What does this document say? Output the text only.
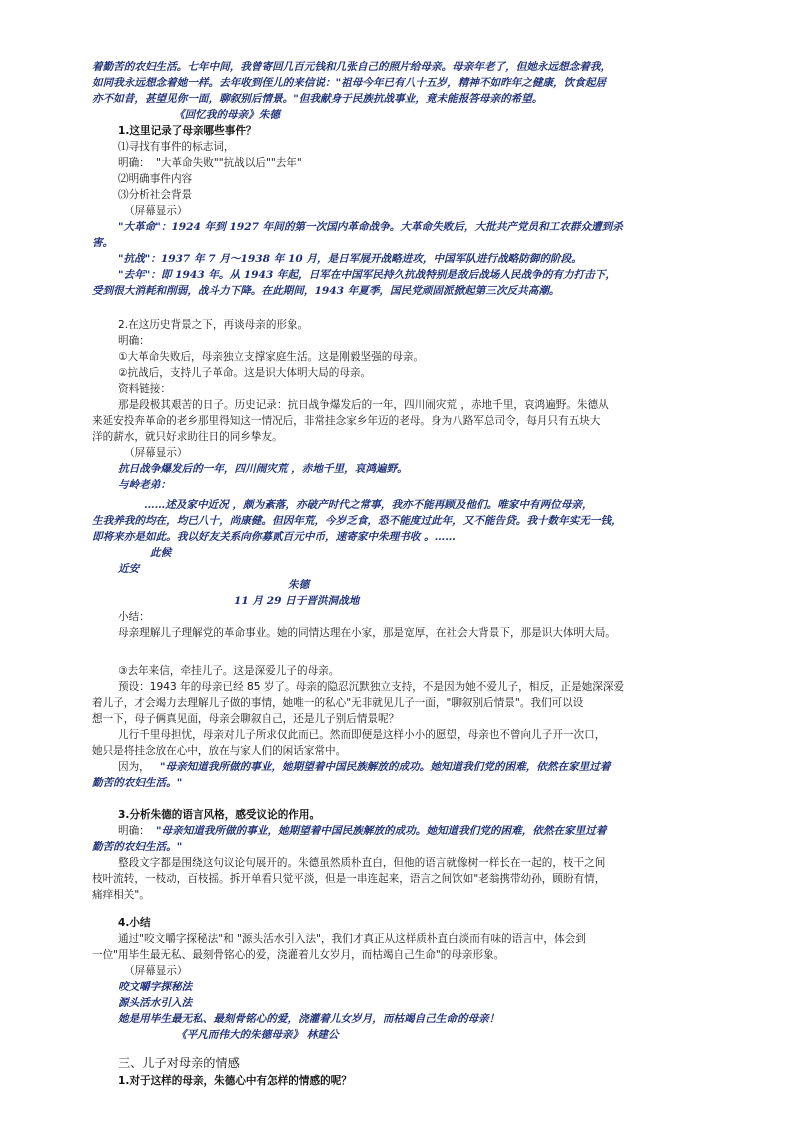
着勤苦的农妇生活。七年中间，我曾寄回几百元钱和几张自己的照片给母亲。母亲年老了，但她永远想念着我，
如同我永远想念着她一样。去年收到侄儿的来信说："祖母今年已有八十五岁，精神不如昨年之健康，饮食起居
亦不如昔，甚望见你一面，聊叙别后情景。"但我献身于民族抗战事业，竟未能报答母亲的希望。
《回忆我的母亲》朱德
1.这里记录了母亲哪些事件？
⑴寻找有事件的标志词，
明确： "大革命失败""抗战以后""去年"
⑵明确事件内容
⑶分析社会背景
（屏幕显示）
"大革命"：1924 年到 1927 年间的第一次国内革命战争。大革命失败后，大批共产党员和工农群众遭到杀
害。
"抗战"：1937 年 7 月～1938 年 10 月，是日军展开战略进攻，中国军队进行战略防御的阶段。
"去年"：即 1943 年。从 1943 年起，日军在中国军民持久抗战特别是敌后战场人民战争的有力打击下，
受到很大消耗和削弱，战斗力下降。在此期间，1943 年夏季，国民党顽固派掀起第三次反共高潮。
2.在这历史背景之下，再谈母亲的形象。
明确：
①大革命失败后，母亲独立支撑家庭生活。这是刚毅坚强的母亲。
②抗战后，支持儿子革命。这是识大体明大局的母亲。
资料链接：
那是段极其艰苦的日子。历史记录：抗日战争爆发后的一年，四川闹灾荒 ，赤地千里，哀鸿遍野。朱德从
来延安投奔革命的老乡那里得知这一情况后，非常挂念家乡年迈的老母。身为八路军总司令，每月只有五块大
洋的薪水，就只好求助往日的同乡挚友。
（屏幕显示）
抗日战争爆发后的一年，四川闹灾荒 ，赤地千里，哀鸿遍野。
与岭老弟：
……述及家中近况 ，颇为紊落，亦破产时代之常事，我亦不能再顾及他们。唯家中有两位母亲，
生我养我的均在，均已八十，尚康健。但因年荒，今岁乏食，恐不能度过此年，又不能告贷。我十数年实无一钱，
即将来亦是如此。我以好友关系向你募贰百元中币，速寄家中朱理书收 。……
此候
近安
朱德
11 月 29 日于晋洪洞战地
小结：
母亲理解儿子理解党的革命事业。她的同情达理在小家，那是宽厚，在社会大背景下，那是识大体明大局。
③去年来信，牵挂儿子。这是深爱儿子的母亲。
预设：1943 年的母亲已经 85 岁了。母亲的隐忍沉默独立支持，不是因为她不爱儿子，相反，正是她深深爱
着儿子，才会竭力去理解儿子做的事情，她唯一的私心"无非就见儿子一面，"聊叙别后情景"。我们可以设
想一下，母子俩真见面，母亲会聊叙自己，还是儿子别后情景呢？
儿行千里母担忧，母亲对儿子所求仅此而已。然而即便是这样小小的愿望，母亲也不曾向儿子开一次口，
她只是将挂念放在心中，放在与家人们的闲话家常中。
因为， "母亲知道我所做的事业，她期望着中国民族解放的成功。她知道我们党的困难，依然在家里过着
勤苦的农妇生活。"
3.分析朱德的语言风格，感受议论的作用。
明确： "母亲知道我所做的事业，她期望着中国民族解放的成功。她知道我们党的困难，依然在家里过着
勤苦的农妇生活。"
整段文字都是围绕这句议论句展开的。朱德虽然质朴直白，但他的语言就像树一样长在一起的，枝干之间
枝叶流转，一枝动，百枝摇。拆开单看只觉平淡，但是一串连起来，语言之间饮如"老翁携带幼孙，顾盼有情，
痛痒相关"。
4.小结
通过"咬文嚼字探秘法"和 "源头活水引入法"，我们才真正从这样质朴直白淡而有味的语言中，体会到
一位"用毕生最无私、最刻骨铭心的爱，浇灌着儿女岁月，而枯竭自己生命"的母亲形象。
（屏幕显示）
咬文嚼字探秘法
源头活水引入法
她是用毕生最无私、最刻骨铭心的爱，浇灌着儿女岁月，而枯竭自己生命的母亲！
《平凡而伟大的朱德母亲》 林建公
三、儿子对母亲的情感
1.对于这样的母亲，朱德心中有怎样的情感的呢？
